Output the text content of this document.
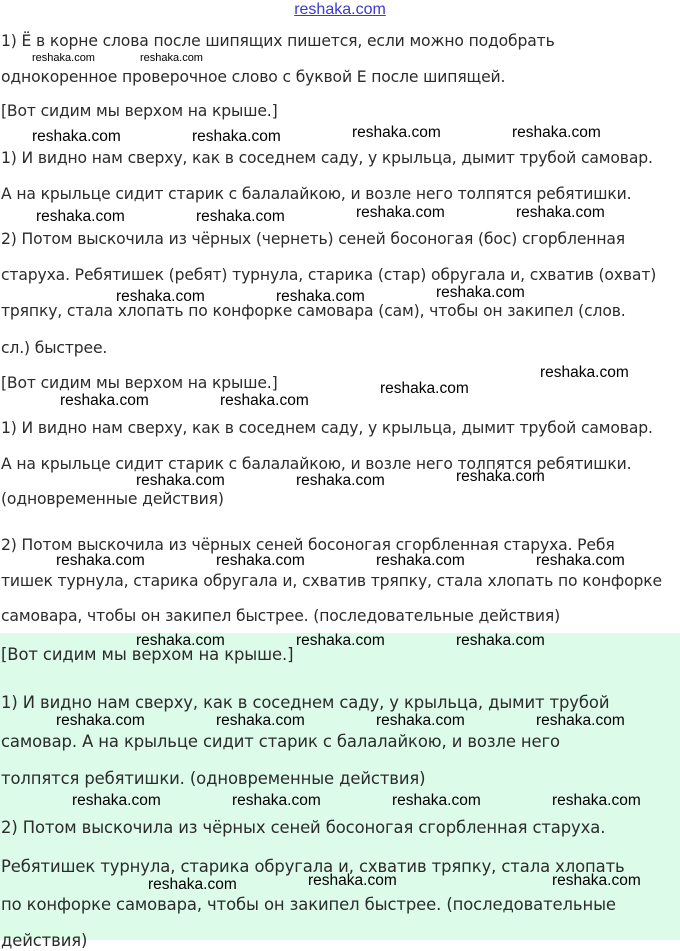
reshaka.com
1) Ё в корне слова после шипящих пишется, если можно подобрать
однокоренное проверочное слово с буквой Е после шипящей.
[Вот сидим мы верхом на крыше.]
1) И видно нам сверху, как в соседнем саду, у крыльца, дымит трубой самовар.
А на крыльце сидит старик с балалайкою, и возле него толпятся ребятишки.
2) Потом выскочила из чёрных (чернеть) сеней босоногая (бос) сгорбленная
старуха. Ребятишек (ребят) турнула, старика (стар) обругала и, схватив (охват)
тряпку, стала хлопать по конфорке самовара (сам), чтобы он закипел (слов.
сл.) быстрее.
[Вот сидим мы верхом на крыше.]
1) И видно нам сверху, как в соседнем саду, у крыльца, дымит трубой самовар.
А на крыльце сидит старик с балалайкою, и возле него толпятся ребятишки.
(одновременные действия)
2) Потом выскочила из чёрных сеней босоногая сгорбленная старуха. Ребя
тишек турнула, старика обругала и, схватив тряпку, стала хлопать по конфорке
самовара, чтобы он закипел быстрее. (последовательные действия)
[Вот сидим мы верхом на крыше.]
1) И видно нам сверху, как в соседнем саду, у крыльца, дымит трубой
самовар. А на крыльце сидит старик с балалайкою, и возле него
толпятся ребятишки. (одновременные действия)
2) Потом выскочила из чёрных сеней босоногая сгорбленная старуха.
Ребятишек турнула, старика обругала и, схватив тряпку, стала хлопать
по конфорке самовара, чтобы он закипел быстрее. (последовательные
действия)
reshaka.com	reshaka.com
reshaka.com	reshaka.com	reshaka.com	reshaka.com
reshaka.com	reshaka.com	reshaka.com	reshaka.com
reshaka.com	reshaka.com	reshaka.com
reshaka.com
reshaka.com
reshaka.com	reshaka.com
reshaka.com	reshaka.com	reshaka.com
reshaka.com	reshaka.com	reshaka.com	reshaka.com
reshaka.com	reshaka.com	reshaka.com
reshaka.com	reshaka.com	reshaka.com	reshaka.com
reshaka.com	reshaka.com	reshaka.com	reshaka.com
reshaka.com	reshaka.com	reshaka.com
